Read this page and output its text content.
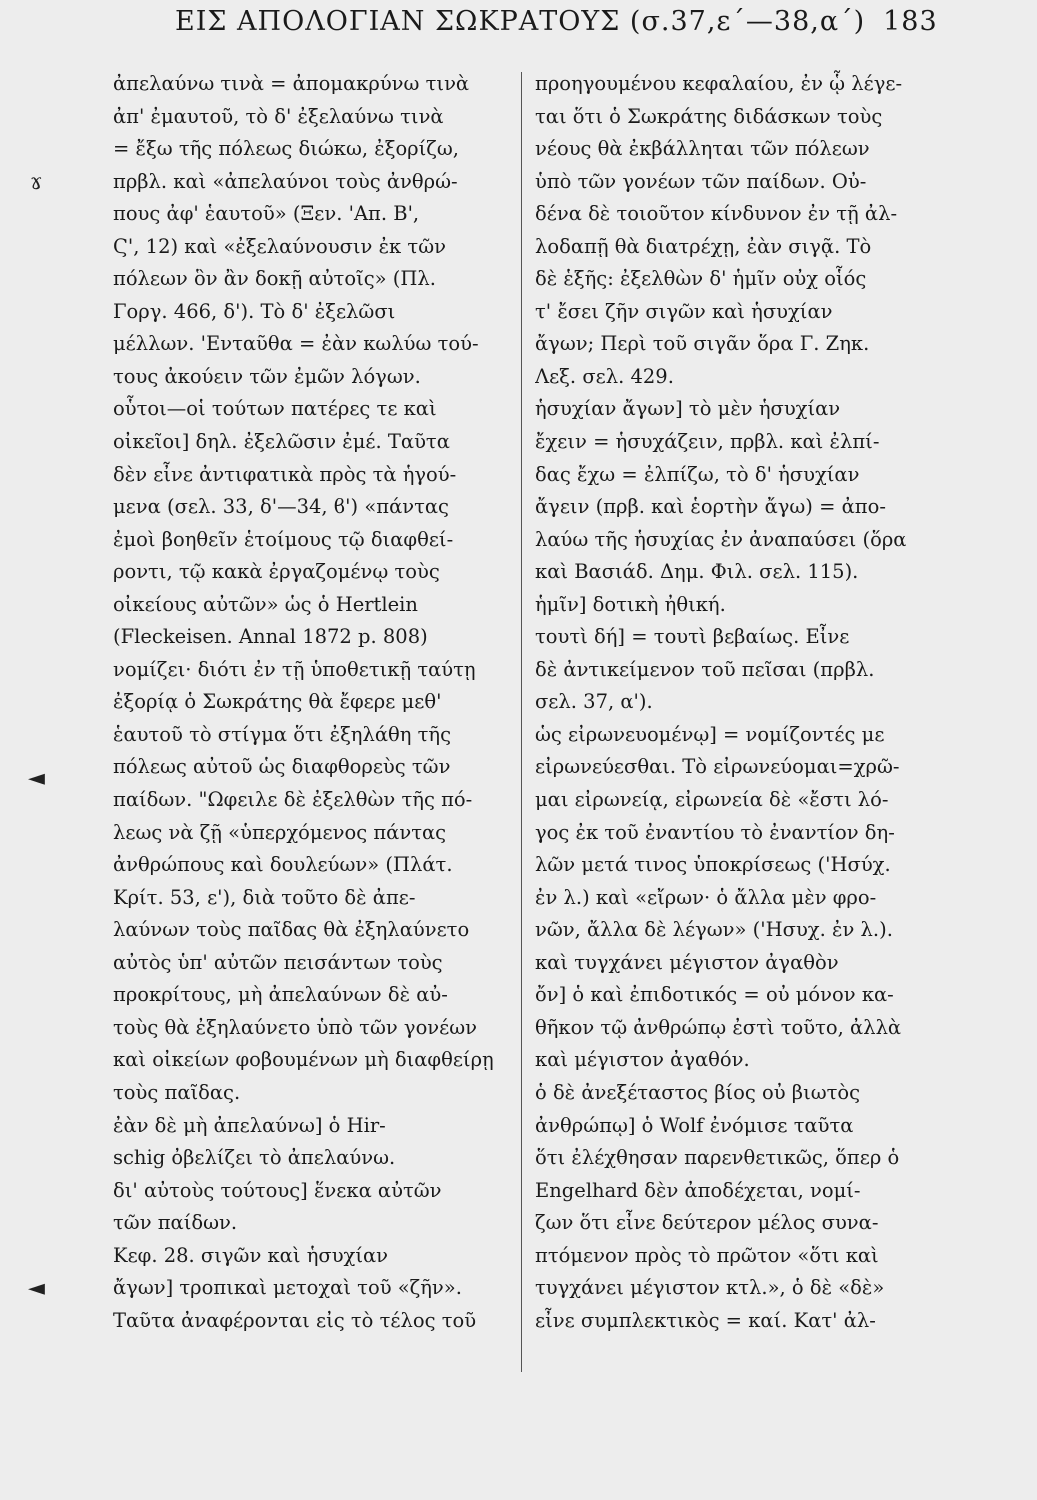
ΕΙΣ ΑΠΟΛΟΓΙΑΝ ΣΩΚΡΑΤΟΥΣ (σ.37,ε΄—38,α΄) 183
ɤ
◄
◄
ἀπελαύνω τινὰ = ἀπομακρύνω τινὰ
ἀπ' ἐμαυτοῦ, τὸ δ' ἐξελαύνω τινὰ
= ἔξω τῆς πόλεως διώκω, ἐξορίζω,
πρβλ. καὶ «ἀπελαύνοι τοὺς ἀνθρώ-
πους ἀφ' ἑαυτοῦ» (Ξεν. 'Απ. Β',
Ϛ', 12) καὶ «ἐξελαύνουσιν ἐκ τῶν
πόλεων ὃν ἂν δοκῇ αὐτοῖς» (Πλ.
Γοργ. 466, δ'). Τὸ δ' ἐξελῶσι
μέλλων. 'Ενταῦθα = ἐὰν κωλύω τού-
τους ἀκούειν τῶν ἐμῶν λόγων.
οὗτοι—οἱ τούτων πατέρες τε καὶ
οἰκεῖοι] δηλ. ἐξελῶσιν ἐμέ. Ταῦτα
δὲν εἶνε ἀντιφατικὰ πρὸς τὰ ἡγού-
μενα (σελ. 33, δ'—34, ϐ') «πάντας
ἐμοὶ βοηθεῖν ἑτοίμους τῷ διαφθεί-
ροντι, τῷ κακὰ ἐργαζομένῳ τοὺς
οἰκείους αὐτῶν» ὡς ὁ Hertlein
(Fleckeisen. Annal 1872 p. 808)
νομίζει· διότι ἐν τῇ ὑποθετικῇ ταύτῃ
ἐξορίᾳ ὁ Σωκράτης θὰ ἔφερε μεθ'
ἑαυτοῦ τὸ στίγμα ὅτι ἐξηλάθη τῆς
πόλεως αὐτοῦ ὡς διαφθορεὺς τῶν
παίδων. "Ωφειλε δὲ ἐξελθὼν τῆς πό-
λεως νὰ ζῇ «ὑπερχόμενος πάντας
ἀνθρώπους καὶ δουλεύων» (Πλάτ.
Κρίτ. 53, ε'), διὰ τοῦτο δὲ ἀπε-
λαύνων τοὺς παῖδας θὰ ἐξηλαύνετο
αὐτὸς ὑπ' αὐτῶν πεισάντων τοὺς
προκρίτους, μὴ ἀπελαύνων δὲ αὐ-
τοὺς θὰ ἐξηλαύνετο ὑπὸ τῶν γονέων
καὶ οἰκείων φοβουμένων μὴ διαφθείρῃ
τοὺς παῖδας.
ἐὰν δὲ μὴ ἀπελαύνω] ὁ Hir-
schig ὀβελίζει τὸ ἀπελαύνω.
δι' αὐτοὺς τούτους] ἕνεκα αὐτῶν
τῶν παίδων.
Κεφ. 28. σιγῶν καὶ ἡσυχίαν
ἄγων] τροπικαὶ μετοχαὶ τοῦ «ζῆν».
Ταῦτα ἀναφέρονται εἰς τὸ τέλος τοῦ
προηγουμένου κεφαλαίου, ἐν ᾧ λέγε-
ται ὅτι ὁ Σωκράτης διδάσκων τοὺς
νέους θὰ ἐκβάλληται τῶν πόλεων
ὑπὸ τῶν γονέων τῶν παίδων. Οὐ-
δένα δὲ τοιοῦτον κίνδυνον ἐν τῇ ἀλ-
λοδαπῇ θὰ διατρέχῃ, ἐὰν σιγᾷ. Τὸ
δὲ ἑξῆς: ἐξελθὼν δ' ἡμῖν οὐχ οἷός
τ' ἔσει ζῆν σιγῶν καὶ ἡσυχίαν
ἄγων; Περὶ τοῦ σιγᾶν ὅρα Γ. Ζηκ.
Λεξ. σελ. 429.
ἡσυχίαν ἄγων] τὸ μὲν ἡσυχίαν
ἔχειν = ἡσυχάζειν, πρβλ. καὶ ἐλπί-
δας ἔχω = ἐλπίζω, τὸ δ' ἡσυχίαν
ἄγειν (πρβ. καὶ ἑορτὴν ἄγω) = ἀπο-
λαύω τῆς ἡσυχίας ἐν ἀναπαύσει (ὅρα
καὶ Βασιάδ. Δημ. Φιλ. σελ. 115).
ἡμῖν] δοτικὴ ἠθική.
τουτὶ δή] = τουτὶ βεβαίως. Εἶνε
δὲ ἀντικείμενον τοῦ πεῖσαι (πρβλ.
σελ. 37, α').
ὡς εἰρωνευομένῳ] = νομίζοντές με
εἰρωνεύεσθαι. Τὸ εἰρωνεύομαι=χρῶ-
μαι εἰρωνείᾳ, εἰρωνεία δὲ «ἔστι λό-
γος ἐκ τοῦ ἐναντίου τὸ ἐναντίον δη-
λῶν μετά τινος ὑποκρίσεως ('Ησύχ.
ἐν λ.) καὶ «εἴρων· ὁ ἄλλα μὲν φρο-
νῶν, ἄλλα δὲ λέγων» ('Ησυχ. ἐν λ.).
καὶ τυγχάνει μέγιστον ἀγαθὸν
ὄν] ὁ καὶ ἐπιδοτικός = οὐ μόνον κα-
θῆκον τῷ ἀνθρώπῳ ἐστὶ τοῦτο, ἀλλὰ
καὶ μέγιστον ἀγαθόν.
ὁ δὲ ἀνεξέταστος βίος οὐ βιωτὸς
ἀνθρώπῳ] ὁ Wolf ἐνόμισε ταῦτα
ὅτι ἐλέχθησαν παρενθετικῶς, ὅπερ ὁ
Engelhard δὲν ἀποδέχεται, νομί-
ζων ὅτι εἶνε δεύτερον μέλος συνα-
πτόμενον πρὸς τὸ πρῶτον «ὅτι καὶ
τυγχάνει μέγιστον κτλ.», ὁ δὲ «δὲ»
εἶνε συμπλεκτικὸς = καί. Κατ' ἀλ-
